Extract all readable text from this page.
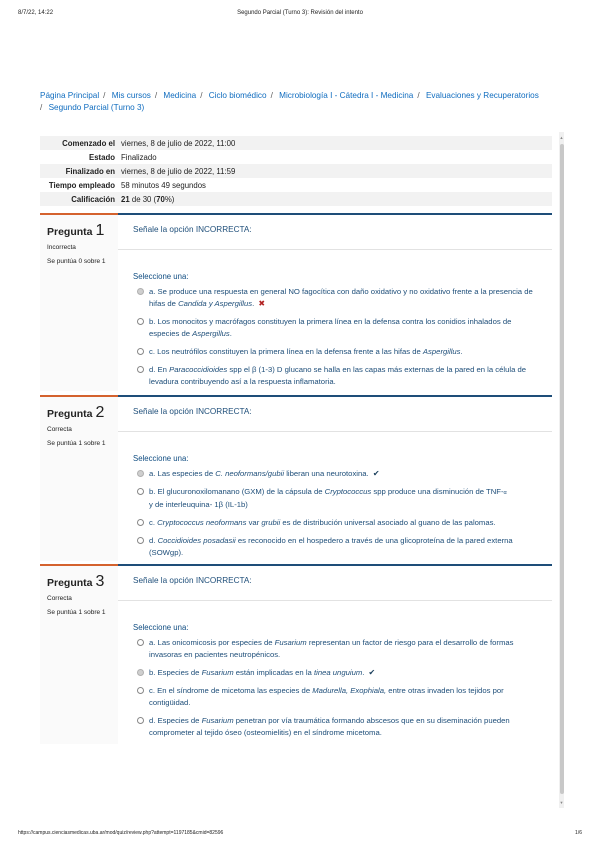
8/7/22, 14:22	Segundo Parcial (Turno 3): Revisión del intento
Página Principal / Mis cursos / Medicina / Ciclo biomédico / Microbiología I - Cátedra I - Medicina / Evaluaciones y Recuperatorios
/ Segundo Parcial (Turno 3)
▲
▼
Comenzado el	viernes, 8 de julio de 2022, 11:00
Estado	Finalizado
Finalizado en	viernes, 8 de julio de 2022, 11:59
Tiempo empleado	58 minutos 49 segundos
Calificación	21 de 30 (70%)
Pregunta 1
Incorrecta
Se puntúa 0 sobre 1
Señale la opción INCORRECTA:
Seleccione una:
a. Se produce una respuesta en general NO fagocítica con daño oxidativo y no oxidativo frente a la presencia de hifas de Candida y Aspergillus. ✖
b. Los monocitos y macrófagos constituyen la primera línea en la defensa contra los conidios inhalados de especies de Aspergillus.
c. Los neutrófilos constituyen la primera línea en la defensa frente a las hifas de Aspergillus.
d. En Paracoccidioides spp el β (1-3) D glucano se halla en las capas más externas de la pared en la célula de levadura contribuyendo así a la respuesta inflamatoria.
Pregunta 2
Correcta
Se puntúa 1 sobre 1
Señale la opción INCORRECTA:
Seleccione una:
a. Las especies de C. neoformans/gubii liberan una neurotoxina. ✔
b. El glucuronoxilomanano (GXM) de la cápsula de Cryptococcus spp produce una disminución de TNF-α
y de interleuquina- 1β (IL-1b)
c. Cryptococcus neoformans var grubii es de distribución universal asociado al guano de las palomas.
d. Coccidioides posadasii es reconocido en el hospedero a través de una glicoproteína de la pared externa (SOWgp).
Pregunta 3
Correcta
Se puntúa 1 sobre 1
Señale la opción INCORRECTA:
Seleccione una:
a. Las onicomicosis por especies de Fusarium representan un factor de riesgo para el desarrollo de formas invasoras en pacientes neutropénicos.
b. Especies de Fusarium están implicadas en la tinea unguium. ✔
c. En el síndrome de micetoma las especies de Madurella, Exophiala, entre otras invaden los tejidos por contigüidad.
d. Especies de Fusarium penetran por vía traumática formando abscesos que en su diseminación pueden comprometer al tejido óseo (osteomielitis) en el síndrome micetoma.
https://campus.cienciasmedicas.uba.ar/mod/quiz/review.php?attempt=1197185&cmid=82596	1/6
